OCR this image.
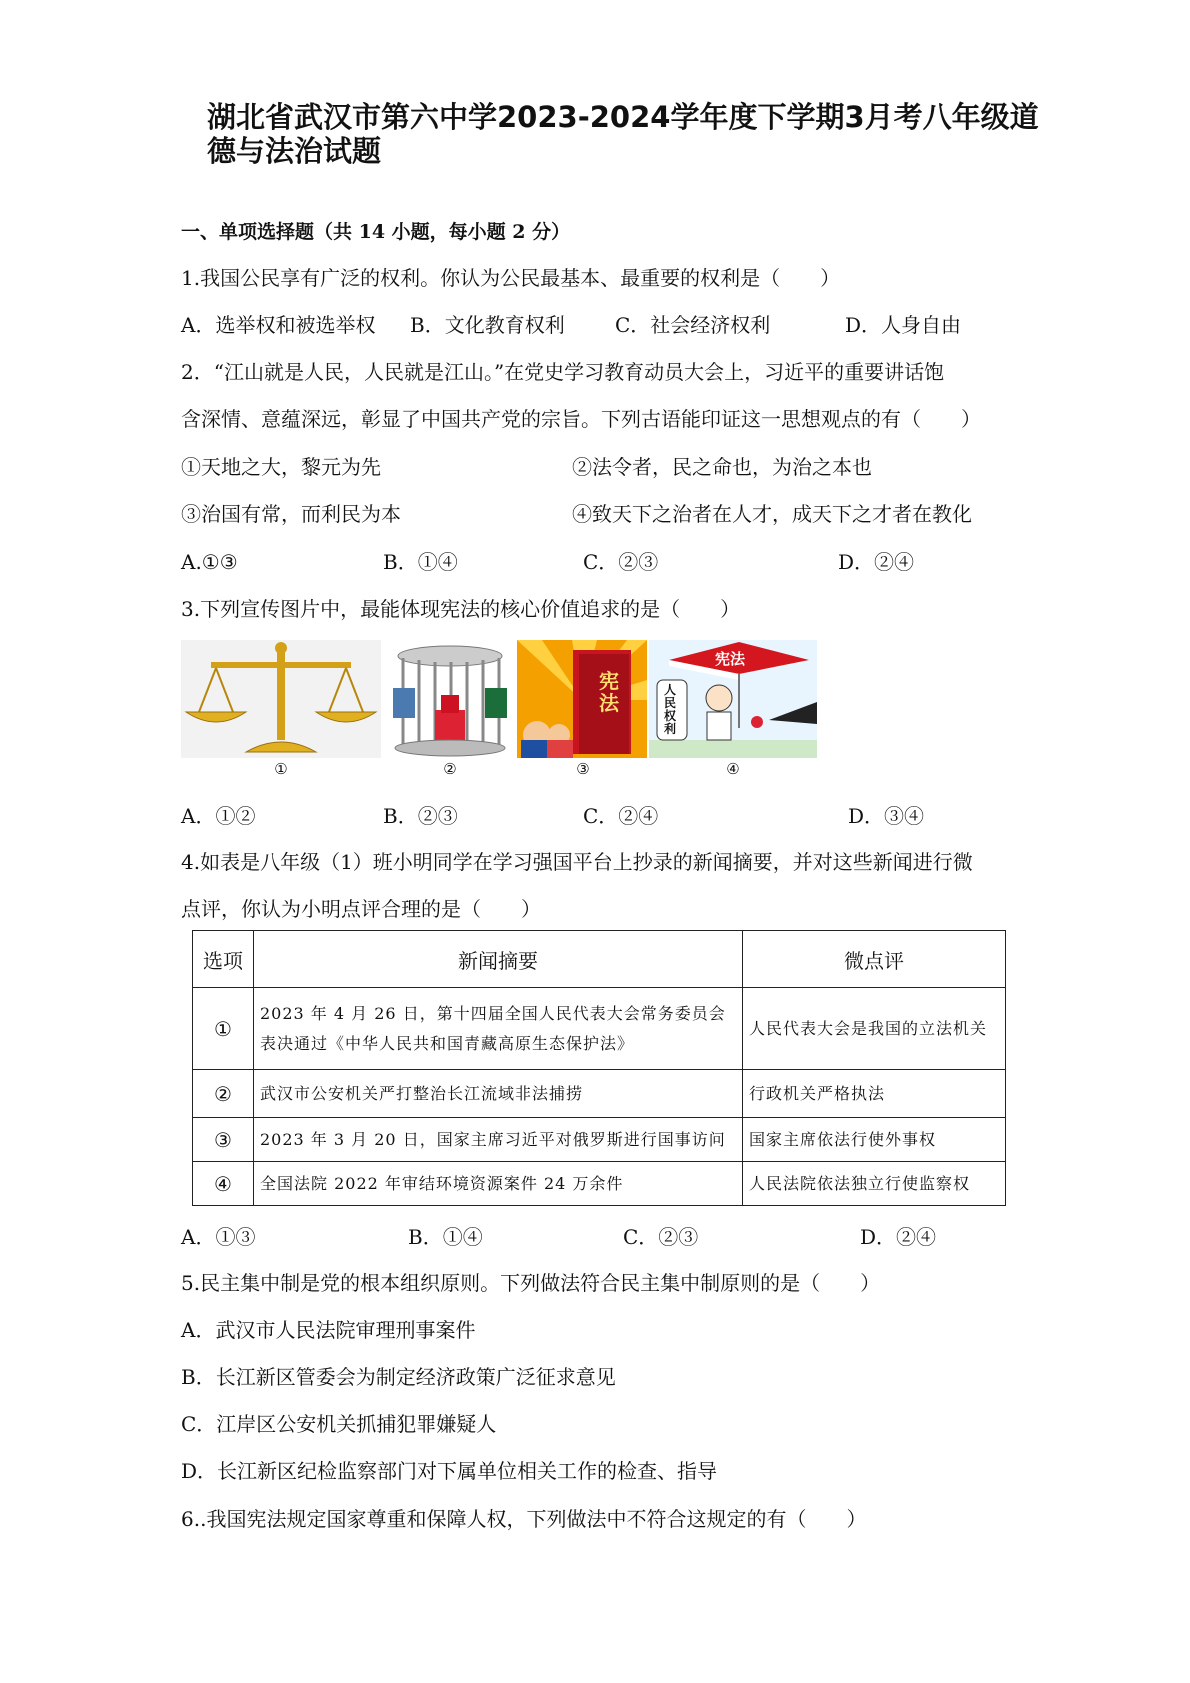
湖北省武汉市第六中学2023-2024学年度下学期3月考八年级道德与法治试题
一、单项选择题（共 14 小题，每小题 2 分）
1.我国公民享有广泛的权利。你认为公民最基本、最重要的权利是（　　）
A．选举权和被选举权 B．文化教育权利	C．社会经济权利	D．人身自由
2．“江山就是人民，人民就是江山。”在党史学习教育动员大会上，习近平的重要讲话饱
含深情、意蕴深远，彰显了中国共产党的宗旨。下列古语能印证这一思想观点的有（　　）
①天地之大，黎元为先	②法令者，民之命也，为治之本也
③治国有常，而利民为本	④致天下之治者在人才，成天下之才者在教化
A.①③	B．①④	C．②③	D．②④
3.下列宣传图片中，最能体现宪法的核心价值追求的是（　　）
宪法
宪法
人民权利
①	②	③	④
A．①②	B．②③	C．②④	D．③④
4.如表是八年级（1）班小明同学在学习强国平台上抄录的新闻摘要，并对这些新闻进行微
点评，你认为小明点评合理的是（　　）
选项	新闻摘要	微点评
①	2023 年 4 月 26 日，第十四届全国人民代表大会常务委员会表决通过《中华人民共和国青藏高原生态保护法》	人民代表大会是我国的立法机关
②	武汉市公安机关严打整治长江流域非法捕捞	行政机关严格执法
③	2023 年 3 月 20 日，国家主席习近平对俄罗斯进行国事访问	国家主席依法行使外事权
④	全国法院 2022 年审结环境资源案件 24 万余件	人民法院依法独立行使监察权
A．①③	B．①④	C．②③	D．②④
5.民主集中制是党的根本组织原则。下列做法符合民主集中制原则的是（　　）
A．武汉市人民法院审理刑事案件
B．长江新区管委会为制定经济政策广泛征求意见
C．江岸区公安机关抓捕犯罪嫌疑人
D．长江新区纪检监察部门对下属单位相关工作的检查、指导
6..我国宪法规定国家尊重和保障人权，下列做法中不符合这规定的有（　　）
